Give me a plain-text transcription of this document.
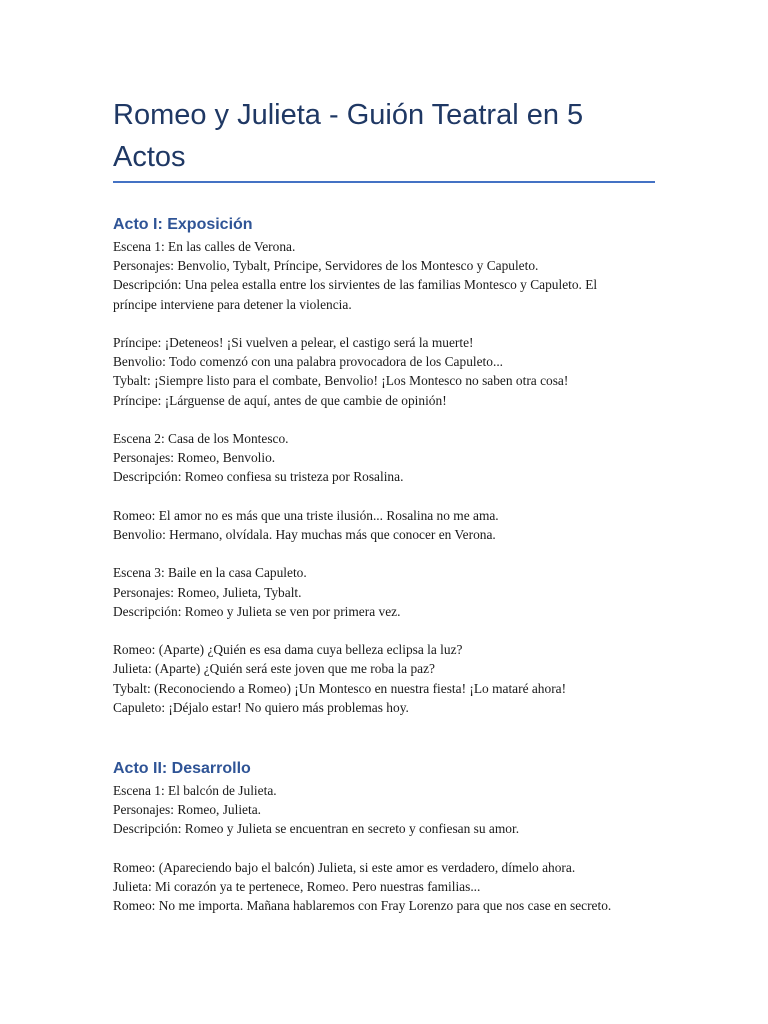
Romeo y Julieta - Guión Teatral en 5
Actos
Acto I: Exposición

Escena 1: En las calles de Verona.

Personajes: Benvolio, Tybalt, Príncipe, Servidores de los Montesco y Capuleto.

Descripción: Una pelea estalla entre los sirvientes de las familias Montesco y Capuleto. El

príncipe interviene para detener la violencia.

Príncipe: ¡Deteneos! ¡Si vuelven a pelear, el castigo será la muerte!

Benvolio: Todo comenzó con una palabra provocadora de los Capuleto...

Tybalt: ¡Siempre listo para el combate, Benvolio! ¡Los Montesco no saben otra cosa!

Príncipe: ¡Lárguense de aquí, antes de que cambie de opinión!

Escena 2: Casa de los Montesco.

Personajes: Romeo, Benvolio.

Descripción: Romeo confiesa su tristeza por Rosalina.

Romeo: El amor no es más que una triste ilusión... Rosalina no me ama.

Benvolio: Hermano, olvídala. Hay muchas más que conocer en Verona.

Escena 3: Baile en la casa Capuleto.

Personajes: Romeo, Julieta, Tybalt.

Descripción: Romeo y Julieta se ven por primera vez.

Romeo: (Aparte) ¿Quién es esa dama cuya belleza eclipsa la luz?

Julieta: (Aparte) ¿Quién será este joven que me roba la paz?

Tybalt: (Reconociendo a Romeo) ¡Un Montesco en nuestra fiesta! ¡Lo mataré ahora!

Capuleto: ¡Déjalo estar! No quiero más problemas hoy.

Acto II: Desarrollo

Escena 1: El balcón de Julieta.

Personajes: Romeo, Julieta.

Descripción: Romeo y Julieta se encuentran en secreto y confiesan su amor.

Romeo: (Apareciendo bajo el balcón) Julieta, si este amor es verdadero, dímelo ahora.

Julieta: Mi corazón ya te pertenece, Romeo. Pero nuestras familias...

Romeo: No me importa. Mañana hablaremos con Fray Lorenzo para que nos case en secreto.
